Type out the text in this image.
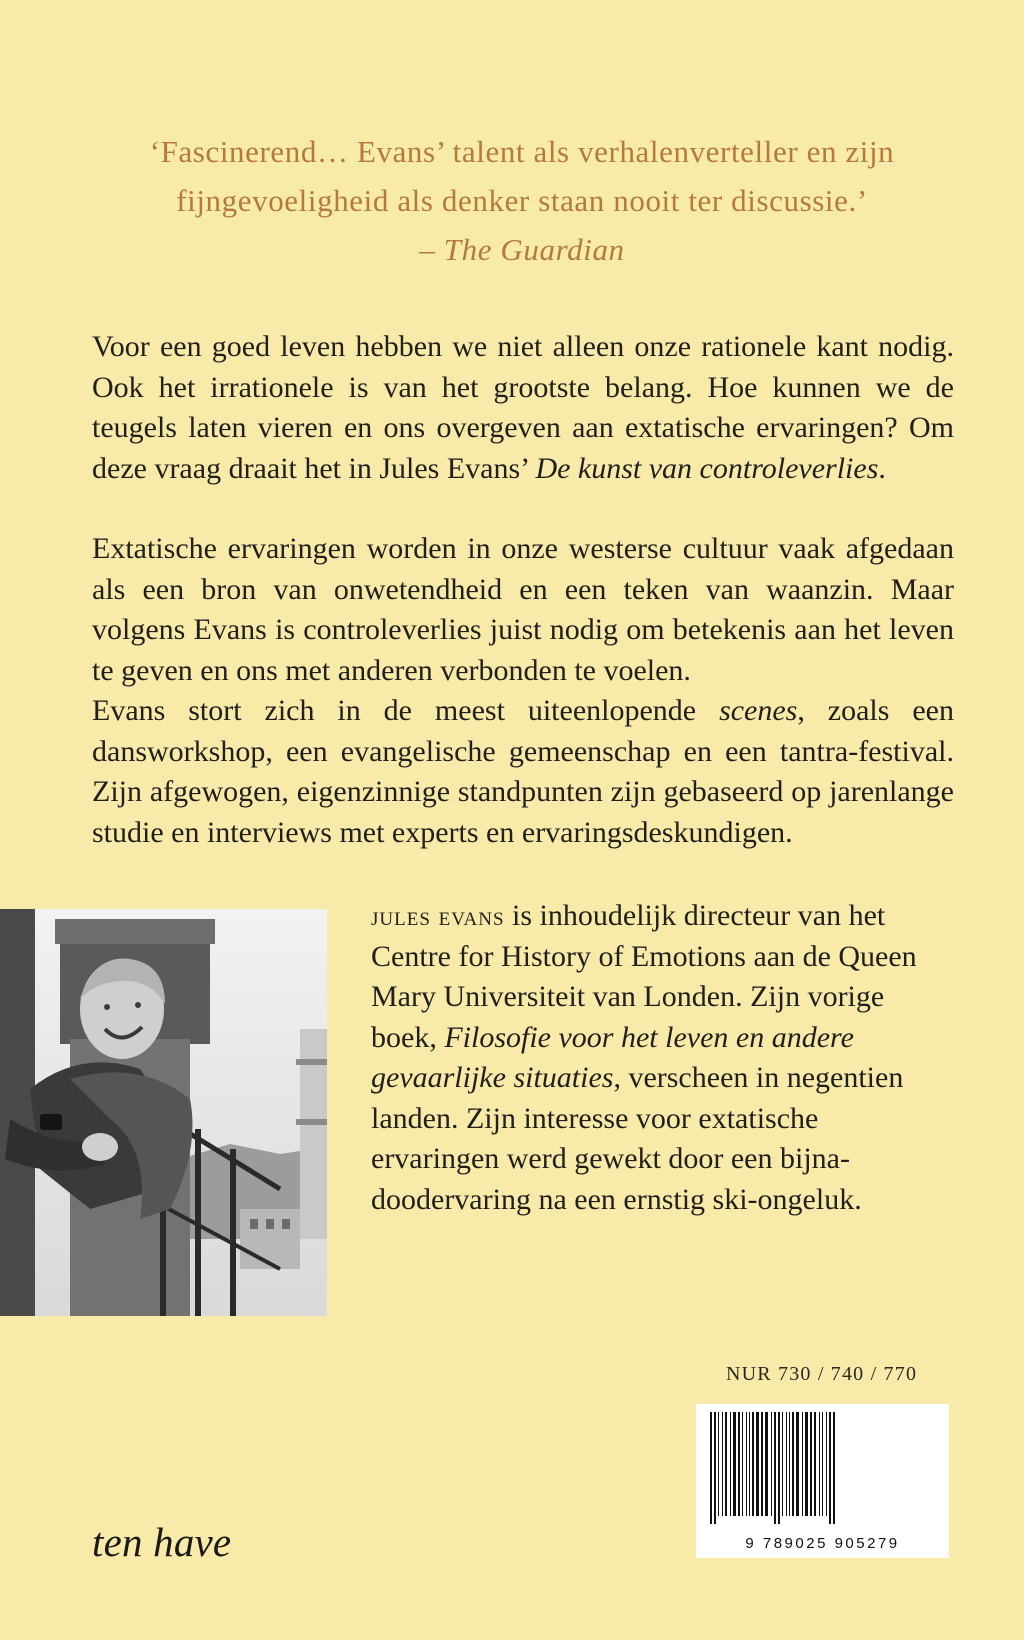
‘Fascinerend… Evans’ talent als verhalenverteller en zijn
fijngevoeligheid als denker staan nooit ter discussie.’
– The Guardian

Voor een goed leven hebben we niet alleen onze rationele kant nodig. Ook het irrationele is van het grootste belang. Hoe kunnen we de teugels laten vieren en ons overgeven aan extatische ervaringen? Om deze vraag draait het in Jules Evans’ De kunst van controleverlies.

Extatische ervaringen worden in onze westerse cultuur vaak afgedaan als een bron van onwetendheid en een teken van waanzin. Maar volgens Evans is controleverlies juist nodig om betekenis aan het leven te geven en ons met anderen verbonden te voelen.

Evans stort zich in de meest uiteenlopende scenes, zoals een dansworkshop, een evangelische gemeenschap en een tantra-festival. Zijn afgewogen, eigenzinnige standpunten zijn gebaseerd op jarenlange studie en interviews met experts en ervaringsdeskundigen.

jules evans is inhoudelijk directeur van het Centre for History of Emotions aan de Queen Mary Universiteit van Londen. Zijn vorige boek, Filosofie voor het leven en andere gevaarlijke situaties, verscheen in negentien landen. Zijn interesse voor extatische ervaringen werd gewekt door een bijna-doodervaring na een ernstig ski-ongeluk.
NUR 730 / 740 / 770
9 789025 905279
ten have
